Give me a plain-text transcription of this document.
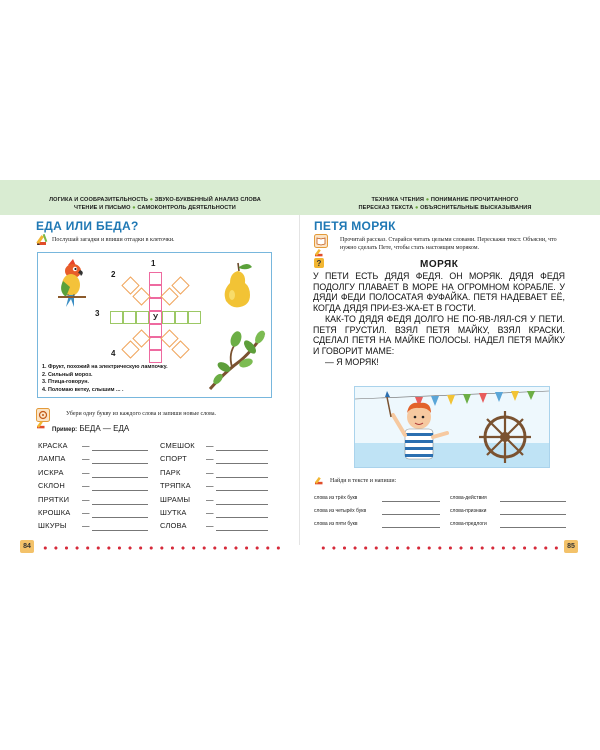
ЛОГИКА И СООБРАЗИТЕЛЬНОСТЬ ● ЗВУКО-БУКВЕННЫЙ АНАЛИЗ СЛОВА
ЧТЕНИЕ И ПИСЬМО ● САМОКОНТРОЛЬ ДЕЯТЕЛЬНОСТИ
ТЕХНИКА ЧТЕНИЯ ● ПОНИМАНИЕ ПРОЧИТАННОГО
ПЕРЕСКАЗ ТЕКСТА ● ОБЪЯСНИТЕЛЬНЫЕ ВЫСКАЗЫВАНИЯ
ЕДА ИЛИ БЕДА?
Послушай загадки и впиши отгадки в клеточки.
1
2
3
4
У
1. Фрукт, похожий на электрическую лампочку.
2. Сильный мороз.
3. Птица-говорун.
4. Поломаю ветку, слышим ... .
Убери одну букву из каждого слова и запиши новые слова.
Пример: БЕДА — ЕДА
КРАСКА —	СМЕШОК —
ЛАМПА —	СПОРТ	—
ИСКРА —	ПАРК	—
СКЛОН —	ТРЯПКА —
ПРЯТКИ —	ШРАМЫ —
КРОШКА —	ШУТКА	—
ШКУРЫ —	СЛОВА	—
84
ПЕТЯ МОРЯК
?
Прочитай рассказ. Старайся читать целыми словами. Перескажи текст. Объясни, что нужно сделать Пете, чтобы стать настоящим моряком.
МОРЯК

У ПЕТИ ЕСТЬ ДЯДЯ ФЕДЯ. ОН МОРЯК. ДЯДЯ ФЕДЯ ПОДОЛГУ ПЛАВАЕТ В МОРЕ НА ОГРОМНОМ КОРАБЛЕ. У ДЯДИ ФЕДИ ПОЛОСАТАЯ ФУФАЙКА. ПЕТЯ НАДЕВАЕТ ЕЁ, КОГДА ДЯДЯ ПРИ-ЕЗ-ЖА-ЕТ В ГОСТИ.

КАК-ТО ДЯДЯ ФЕДЯ ДОЛГО НЕ ПО-ЯВ-ЛЯЛ-СЯ У ПЕТИ. ПЕТЯ ГРУСТИЛ. ВЗЯЛ ПЕТЯ МАЙКУ, ВЗЯЛ КРАСКИ. СДЕЛАЛ ПЕТЯ НА МАЙКЕ ПОЛОСЫ. НАДЕЛ ПЕТЯ МАЙКУ И ГОВОРИТ МАМЕ:

— Я МОРЯК!

Найди в тексте и напиши:
слова из трёх букв	слова-действия
слова из четырёх букв	слова-признаки
слова из пяти букв	слова-предлоги
85
